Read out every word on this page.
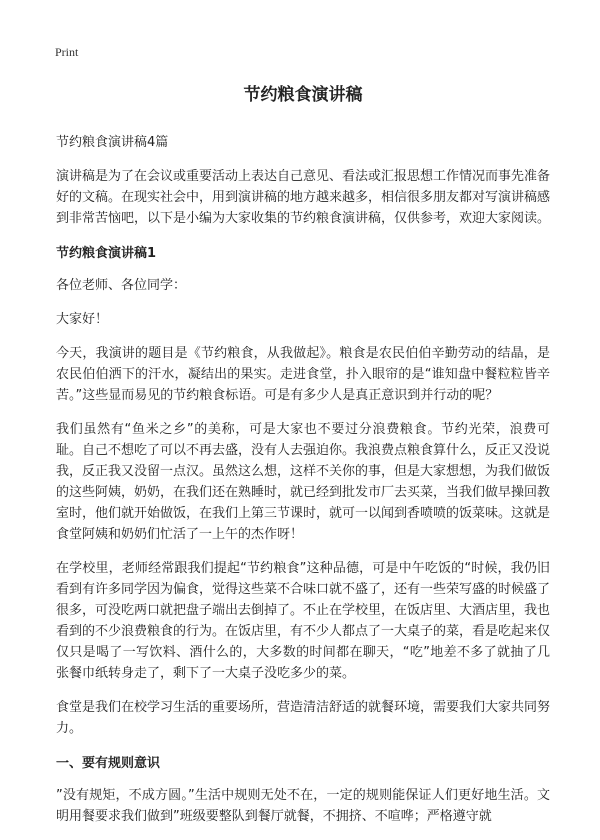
Print
节约粮食演讲稿
节约粮食演讲稿4篇

演讲稿是为了在会议或重要活动上表达自己意见、看法或汇报思想工作情况而事先准备好的文稿。在现实社会中，用到演讲稿的地方越来越多，相信很多朋友都对写演讲稿感到非常苦恼吧，以下是小编为大家收集的节约粮食演讲稿，仅供参考，欢迎大家阅读。

节约粮食演讲稿1

各位老师、各位同学：

大家好！

今天，我演讲的题目是《节约粮食，从我做起》。粮食是农民伯伯辛勤劳动的结晶，是农民伯伯洒下的汗水，凝结出的果实。走进食堂，扑入眼帘的是“谁知盘中餐粒粒皆辛苦。”这些显而易见的节约粮食标语。可是有多少人是真正意识到并行动的呢？

我们虽然有“鱼米之乡”的美称，可是大家也不要过分浪费粮食。节约光荣，浪费可耻。自己不想吃了可以不再去盛，没有人去强迫你。我浪费点粮食算什么，反正又没说我，反正我又没留一点汉。虽然这么想，这样不关你的事，但是大家想想，为我们做饭的这些阿姨，奶奶，在我们还在熟睡时，就已经到批发市厂去买菜，当我们做早操回教室时，他们就开始做饭，在我们上第三节课时，就可一以闻到香喷喷的饭菜味。这就是食堂阿姨和奶奶们忙活了一上午的杰作呀！

在学校里，老师经常跟我们提起“节约粮食”这种品德，可是中午吃饭的“时候，我仍旧看到有许多同学因为偏食，觉得这些菜不合味口就不盛了，还有一些荣写盛的时候盛了很多，可没吃两口就把盘子端出去倒掉了。不止在学校里，在饭店里、大酒店里，我也看到的不少浪费粮食的行为。在饭店里，有不少人都点了一大桌子的菜，看是吃起来仅仅只是喝了一写饮料、酒什么的，大多数的时间都在聊天，“吃”地差不多了就抽了几张餐巾纸转身走了，剩下了一大桌子没吃多少的菜。

食堂是我们在校学习生活的重要场所，营造清洁舒适的就餐环境，需要我们大家共同努力。

一、要有规则意识

”没有规矩，不成方圆。”生活中规则无处不在，一定的规则能保证人们更好地生活。文明用餐要求我们做到”班级要整队到餐厅就餐，不拥挤、不喧哗；严格遵守就
